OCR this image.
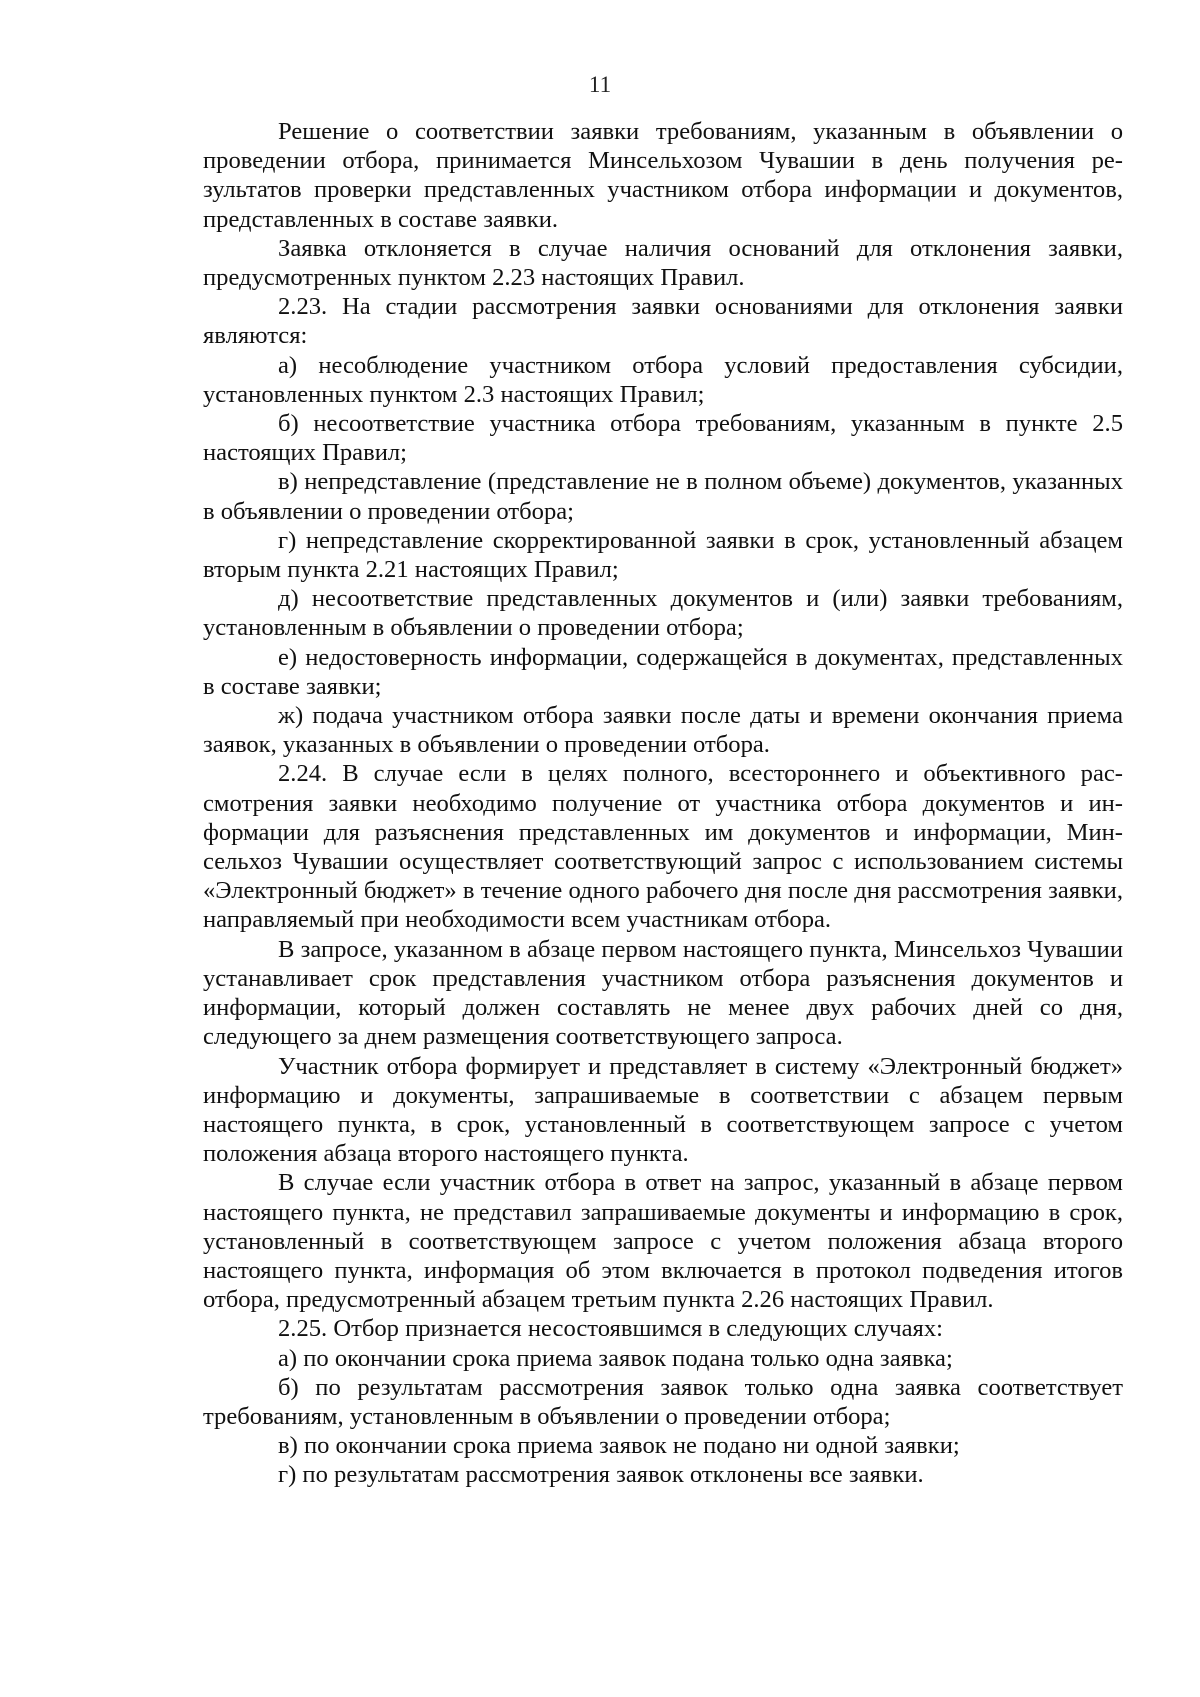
11

Решение о соответствии заявки требованиям, указанным в объявлении о проведении отбора, принимается Минсельхозом Чувашии в день получения результатов проверки представленных участником отбора информации и документов, представленных в составе заявки.

Заявка отклоняется в случае наличия оснований для отклонения заявки, предусмотренных пунктом 2.23 настоящих Правил.

2.23. На стадии рассмотрения заявки основаниями для отклонения заявки являются:

а) несоблюдение участником отбора условий предоставления субсидии, установленных пунктом 2.3 настоящих Правил;

б) несоответствие участника отбора требованиям, указанным в пункте 2.5 настоящих Правил;

в) непредставление (представление не в полном объеме) документов, указанных в объявлении о проведении отбора;

г) непредставление скорректированной заявки в срок, установленный абзацем вторым пункта 2.21 настоящих Правил;

д) несоответствие представленных документов и (или) заявки требованиям, установленным в объявлении о проведении отбора;

е) недостоверность информации, содержащейся в документах, представленных в составе заявки;

ж) подача участником отбора заявки после даты и времени окончания приема заявок, указанных в объявлении о проведении отбора.

2.24. В случае если в целях полного, всестороннего и объективного рассмотрения заявки необходимо получение от участника отбора документов и информации для разъяснения представленных им документов и информации, Минсельхоз Чувашии осуществляет соответствующий запрос с использованием системы «Электронный бюджет» в течение одного рабочего дня после дня рассмотрения заявки, направляемый при необходимости всем участникам отбора.

В запросе, указанном в абзаце первом настоящего пункта, Минсельхоз Чувашии устанавливает срок представления участником отбора разъяснения документов и информации, который должен составлять не менее двух рабочих дней со дня, следующего за днем размещения соответствующего запроса.

Участник отбора формирует и представляет в систему «Электронный бюджет» информацию и документы, запрашиваемые в соответствии с абзацем первым настоящего пункта, в срок, установленный в соответствующем запросе с учетом положения абзаца второго настоящего пункта.

В случае если участник отбора в ответ на запрос, указанный в абзаце первом настоящего пункта, не представил запрашиваемые документы и информацию в срок, установленный в соответствующем запросе с учетом положения абзаца второго настоящего пункта, информация об этом включается в протокол подведения итогов отбора, предусмотренный абзацем третьим пункта 2.26 настоящих Правил.

2.25. Отбор признается несостоявшимся в следующих случаях:

а) по окончании срока приема заявок подана только одна заявка;

б) по результатам рассмотрения заявок только одна заявка соответствует требованиям, установленным в объявлении о проведении отбора;

в) по окончании срока приема заявок не подано ни одной заявки;

г) по результатам рассмотрения заявок отклонены все заявки.
